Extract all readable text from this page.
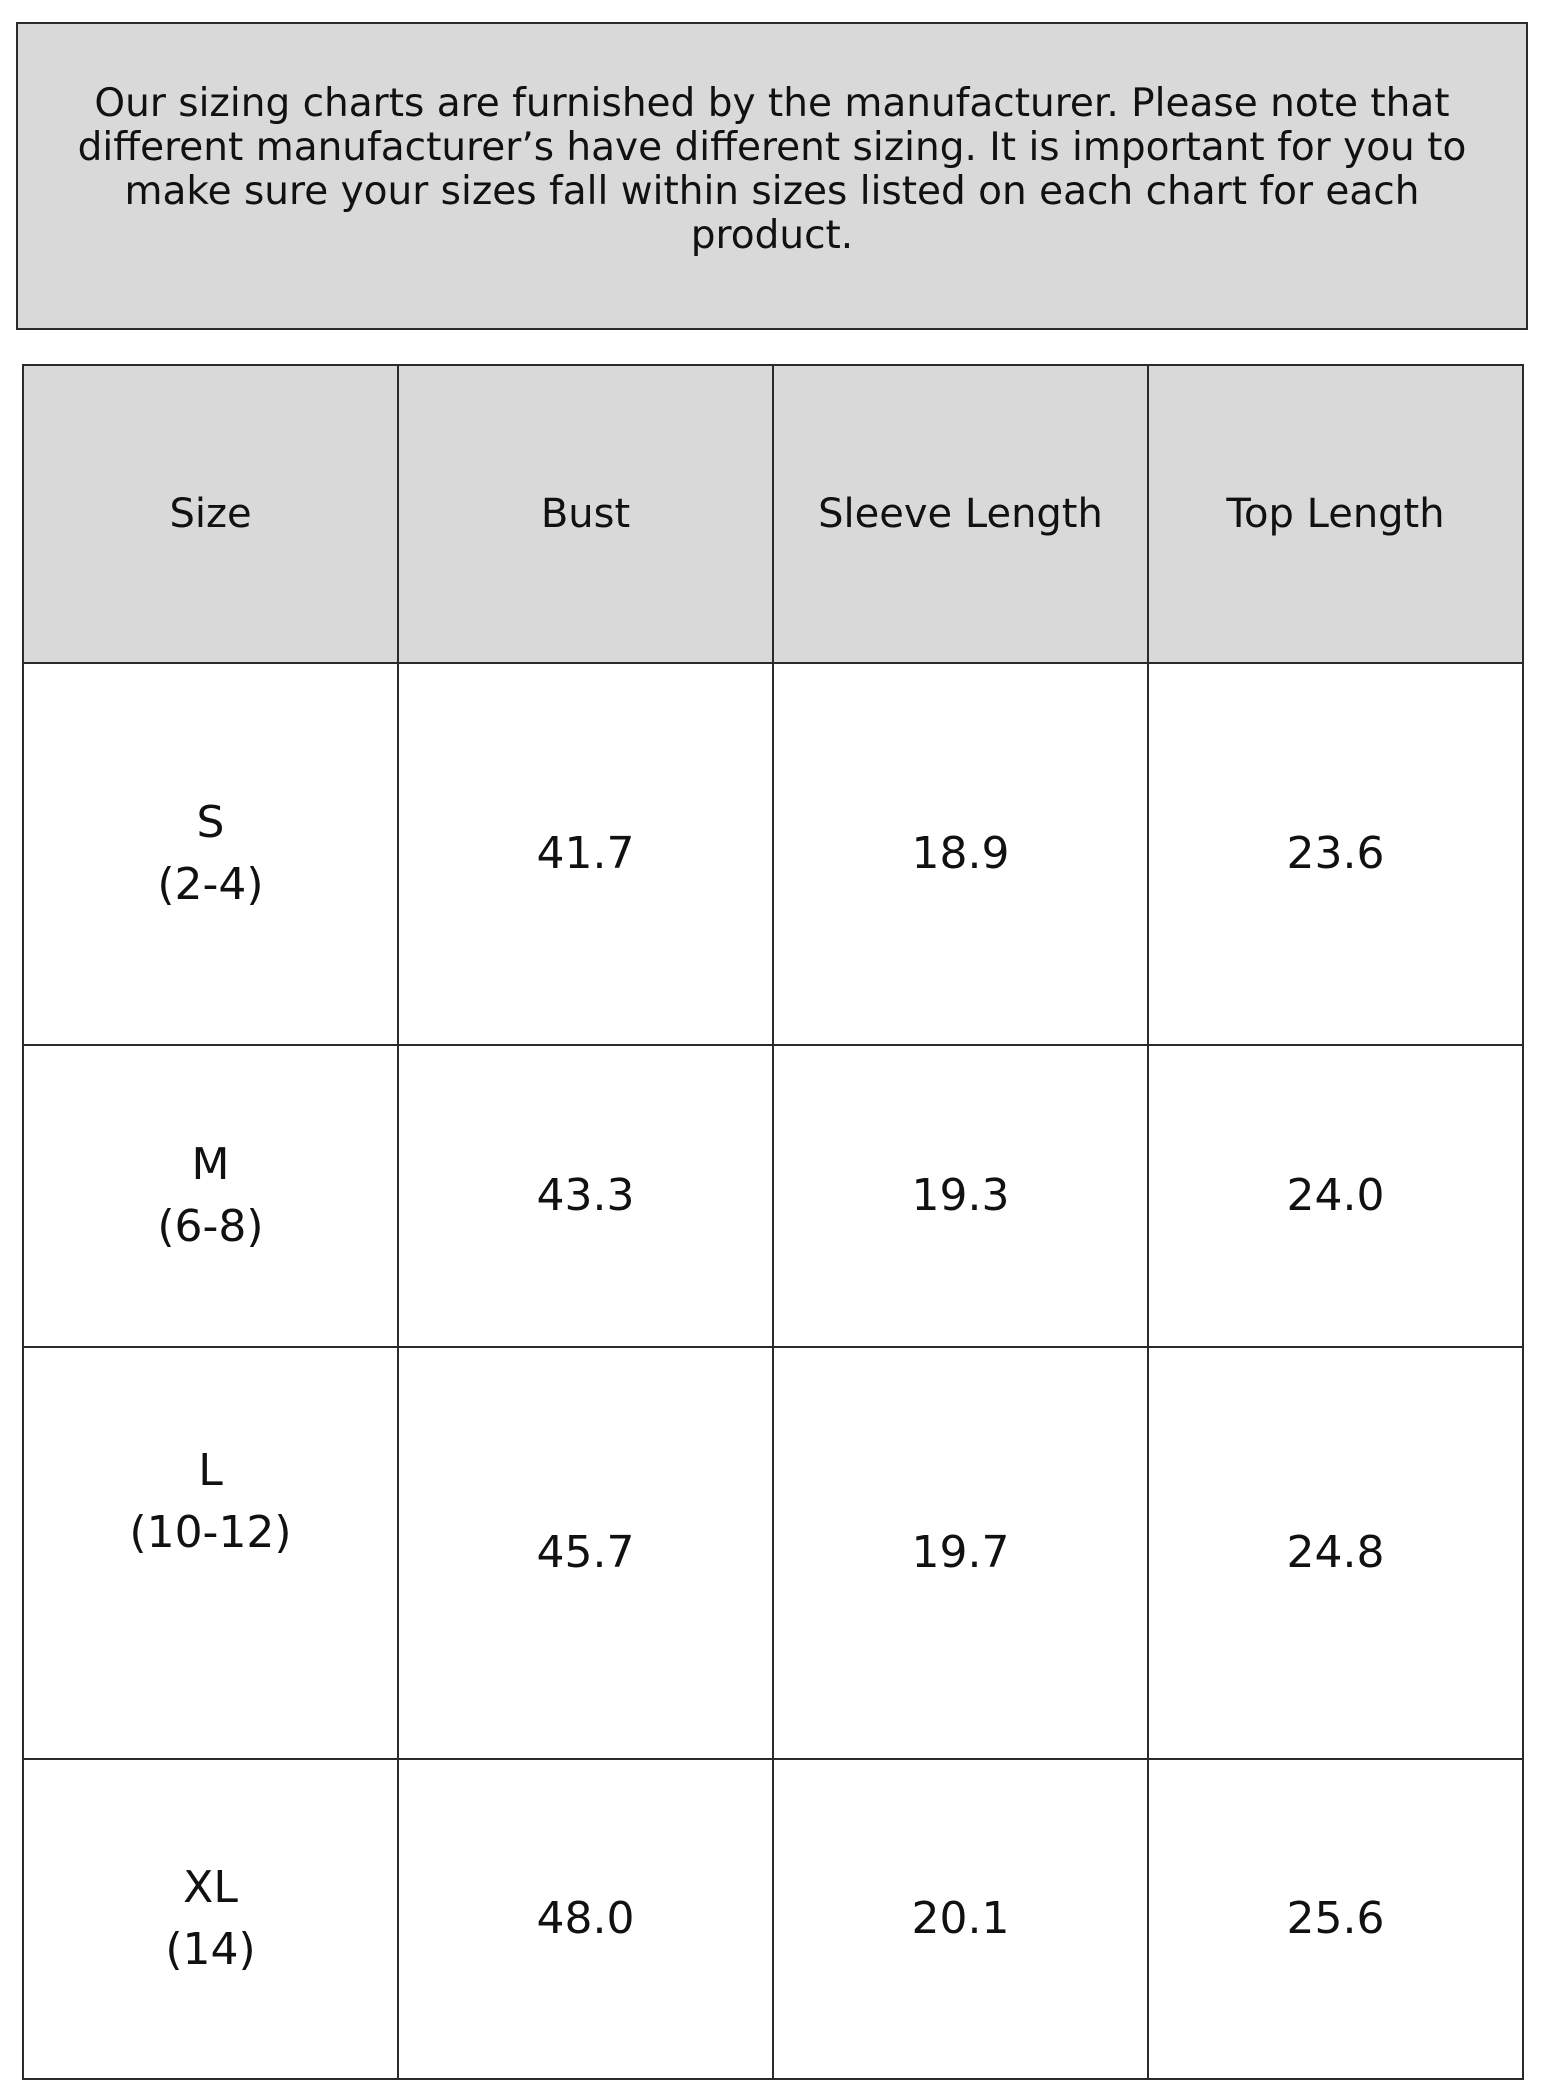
Our sizing charts are furnished by the manufacturer. Please note that different manufacturer’s have different sizing. It is important for you to make sure your sizes fall within sizes listed on each chart for each product.

Size	Bust	Sleeve Length	Top Length

S
(2-4)	41.7	18.9	23.6

M
(6-8)	43.3	19.3	24.0

L
(10-12)	45.7	19.7	24.8

XL
(14)	48.0	20.1	25.6
